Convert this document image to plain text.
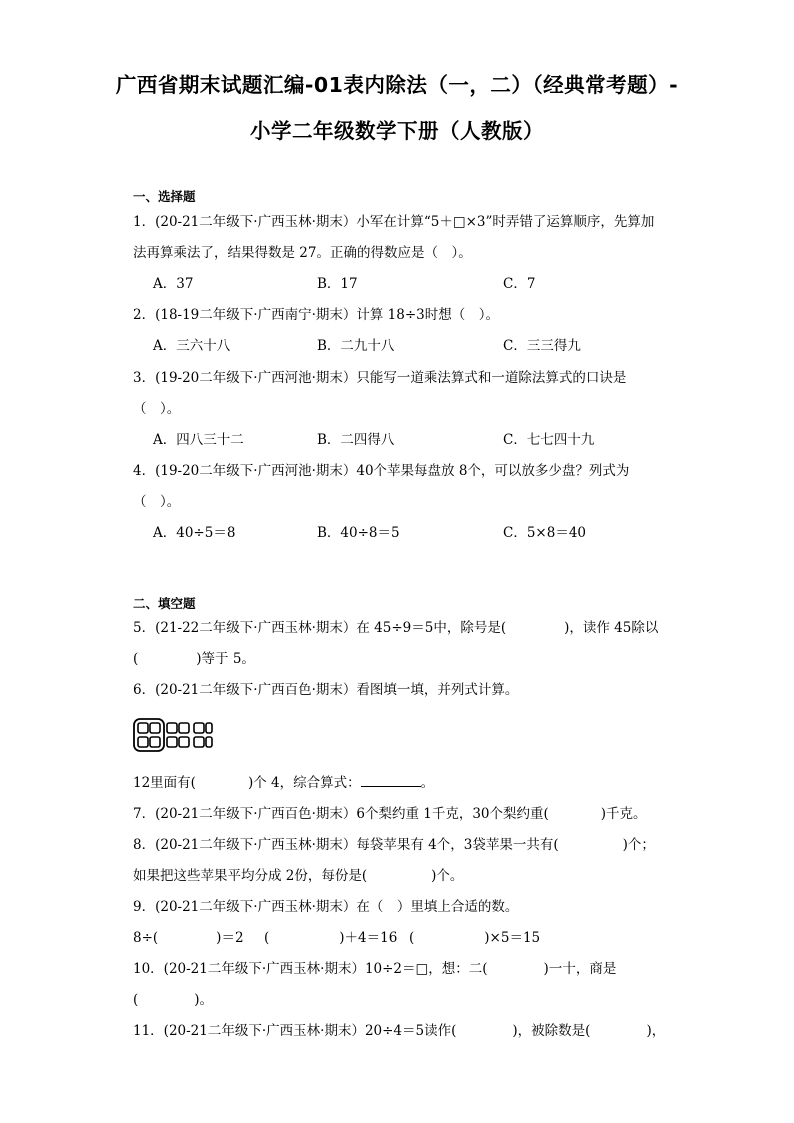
广西省期末试题汇编-01表内除法（一，二）（经典常考题）-
小学二年级数学下册（人教版）
一、选择题
1．(20-21二年级下·广西玉林·期末）小军在计算“5＋□×3”时弄错了运算顺序，先算加
法再算乘法了，结果得数是 27。正确的得数应是（　）。
A．37	B．17	C．7
2．(18-19二年级下·广西南宁·期末）计算 18÷3时想（　）。
A．三六十八	B．二九十八	C．三三得九
3．(19-20二年级下·广西河池·期末）只能写一道乘法算式和一道除法算式的口诀是
（　）。
A．四八三十二	B．二四得八	C．七七四十九
4．(19-20二年级下·广西河池·期末）40个苹果每盘放 8个，可以放多少盘？列式为
（　）。
A．40÷5＝8	B．40÷8＝5	C．5×8＝40
二、填空题
5．(21-22二年级下·广西玉林·期末）在 45÷9＝5中，除号是(	)，读作 45除以
(	)等于 5。
6．(20-21二年级下·广西百色·期末）看图填一填，并列式计算。
12里面有(	)个 4，综合算式：	。
7．(20-21二年级下·广西百色·期末）6个梨约重 1千克，30个梨约重(	)千克。
8．(20-21二年级下·广西玉林·期末）每袋苹果有 4个，3袋苹果一共有(	)个；
如果把这些苹果平均分成 2份，每份是(	)个。
9．(20-21二年级下·广西玉林·期末）在（　）里填上合适的数。
8÷(	)＝2 (	)＋4＝16 (	)×5＝15
10．(20-21二年级下·广西玉林·期末）10÷2＝□，想：二(	)一十，商是
(	)。
11．(20-21二年级下·广西玉林·期末）20÷4＝5读作(	)，被除数是(	)，
